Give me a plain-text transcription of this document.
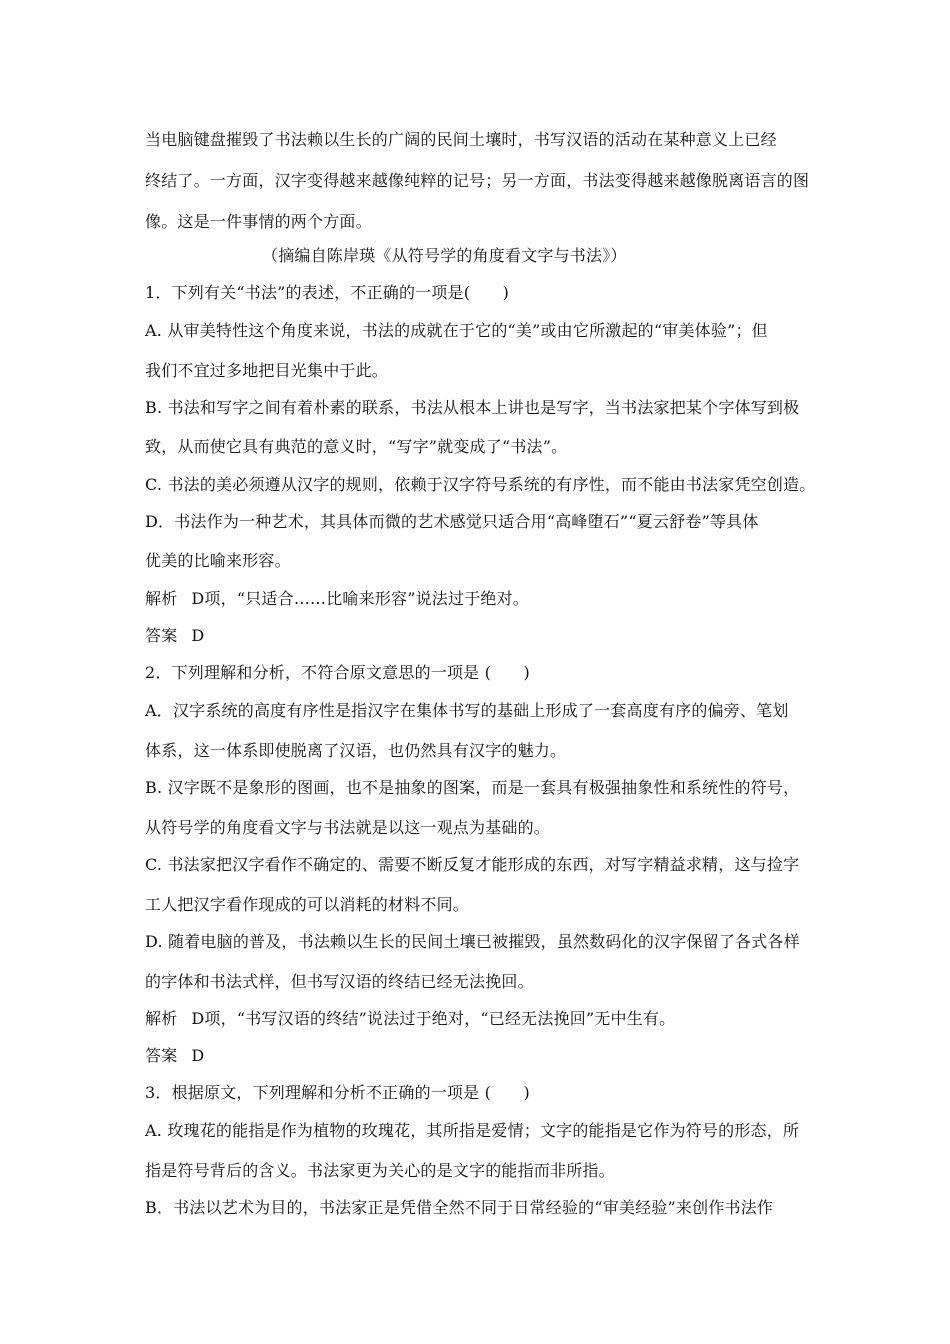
当电脑键盘摧毁了书法赖以生长的广阔的民间土壤时，书写汉语的活动在某种意义上已经
终结了。一方面，汉字变得越来越像纯粹的记号；另一方面，书法变得越来越像脱离语言的图
像。这是一件事情的两个方面。
（摘编自陈岸瑛《从符号学的角度看文字与书法》）
1．下列有关“书法”的表述，不正确的一项是(　　)
A. 从审美特性这个角度来说，书法的成就在于它的“美”或由它所激起的“审美体验”；但
我们不宜过多地把目光集中于此。
B. 书法和写字之间有着朴素的联系，书法从根本上讲也是写字，当书法家把某个字体写到极
致，从而使它具有典范的意义时，“写字”就变成了“书法”。
C. 书法的美必须遵从汉字的规则，依赖于汉字符号系统的有序性，而不能由书法家凭空创造。
D．书法作为一种艺术，其具体而微的艺术感觉只适合用“高峰堕石”“夏云舒卷”等具体
优美的比喻来形容。
解析 D项，“只适合……比喻来形容”说法过于绝对。
答案 D
2．下列理解和分析，不符合原文意思的一项是 (　　)
A．汉字系统的高度有序性是指汉字在集体书写的基础上形成了一套高度有序的偏旁、笔划
体系，这一体系即使脱离了汉语，也仍然具有汉字的魅力。
B. 汉字既不是象形的图画，也不是抽象的图案，而是一套具有极强抽象性和系统性的符号，
从符号学的角度看文字与书法就是以这一观点为基础的。
C. 书法家把汉字看作不确定的、需要不断反复才能形成的东西，对写字精益求精，这与捡字
工人把汉字看作现成的可以消耗的材料不同。
D. 随着电脑的普及，书法赖以生长的民间土壤已被摧毁，虽然数码化的汉字保留了各式各样
的字体和书法式样，但书写汉语的终结已经无法挽回。
解析 D项，“书写汉语的终结”说法过于绝对，“已经无法挽回”无中生有。
答案 D
3．根据原文，下列理解和分析不正确的一项是 (　　)
A. 玫瑰花的能指是作为植物的玫瑰花，其所指是爱情；文字的能指是它作为符号的形态，所
指是符号背后的含义。书法家更为关心的是文字的能指而非所指。
B．书法以艺术为目的，书法家正是凭借全然不同于日常经验的“审美经验”来创作书法作
